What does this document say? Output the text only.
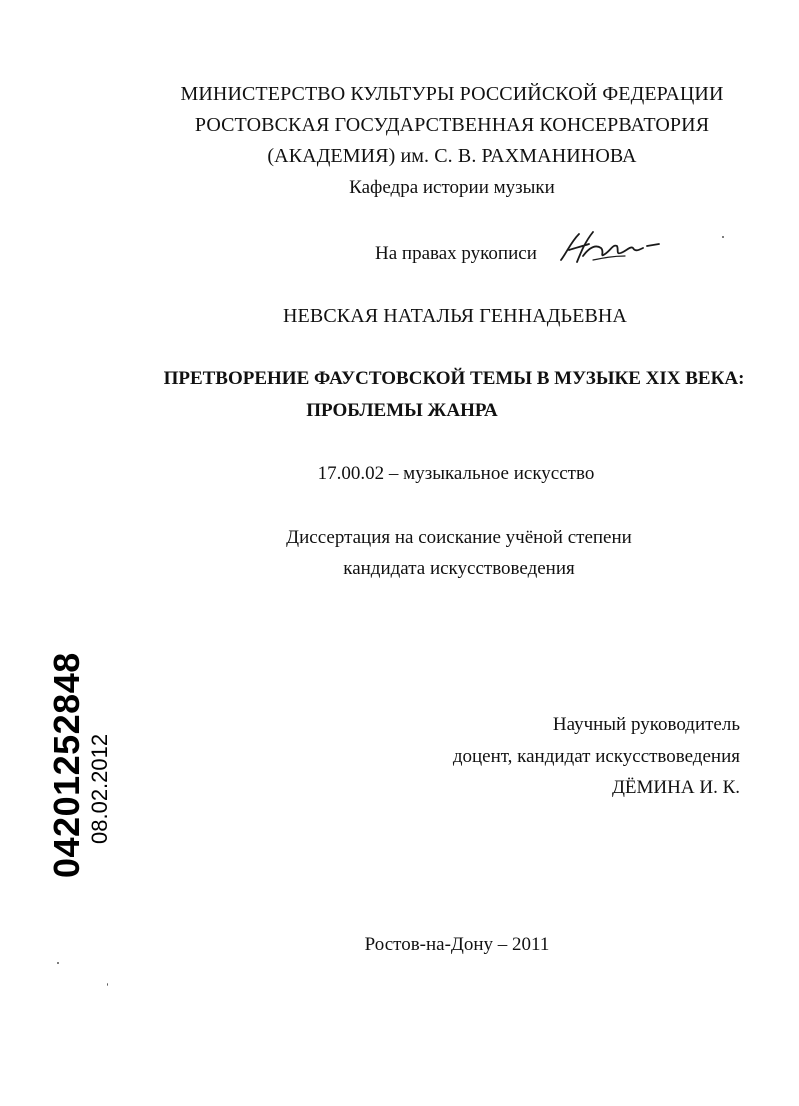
МИНИСТЕРСТВО КУЛЬТУРЫ РОССИЙСКОЙ ФЕДЕРАЦИИ
РОСТОВСКАЯ ГОСУДАРСТВЕННАЯ КОНСЕРВАТОРИЯ
(АКАДЕМИЯ) им. С. В. РАХМАНИНОВА
Кафедра истории музыки
На правах рукописи
НЕВСКАЯ НАТАЛЬЯ ГЕННАДЬЕВНА
ПРЕТВОРЕНИЕ ФАУСТОВСКОЙ ТЕМЫ В МУЗЫКЕ XIX ВЕКА:
ПРОБЛЕМЫ ЖАНРА
17.00.02 – музыкальное искусство
Диссертация на соискание учёной степени
кандидата искусствоведения
Научный руководитель
доцент, кандидат искусствоведения
ДЁМИНА И. К.
Ростов-на-Дону – 2011
04201252848 08.02.2012
